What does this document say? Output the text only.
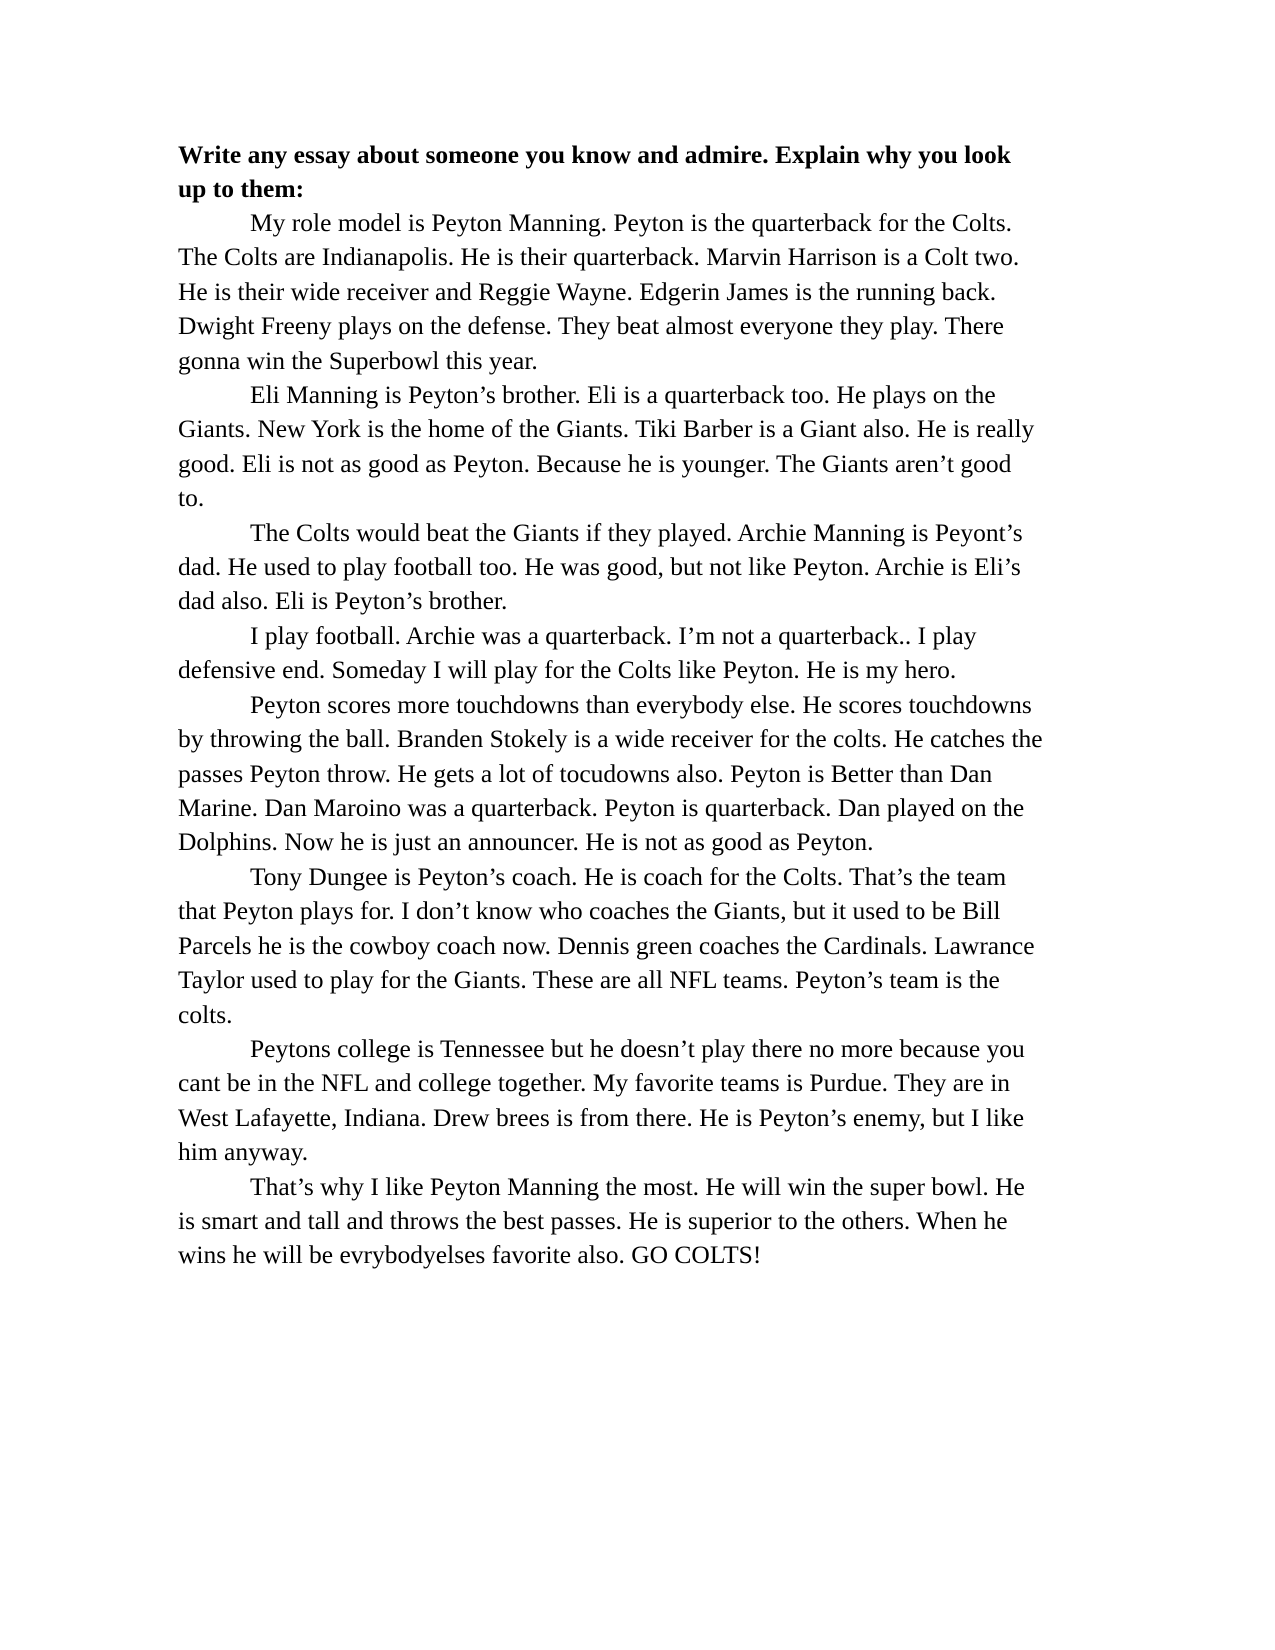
Write any essay about someone you know and admire. Explain why you look up to them:

My role model is Peyton Manning. Peyton is the quarterback for the Colts. The Colts are Indianapolis. He is their quarterback. Marvin Harrison is a Colt two. He is their wide receiver and Reggie Wayne. Edgerin James is the running back. Dwight Freeny plays on the defense. They beat almost everyone they play. There gonna win the Superbowl this year.

Eli Manning is Peyton’s brother. Eli is a quarterback too. He plays on the Giants. New York is the home of the Giants. Tiki Barber is a Giant also. He is really good. Eli is not as good as Peyton. Because he is younger. The Giants aren’t good to.

The Colts would beat the Giants if they played. Archie Manning is Peyont’s dad. He used to play football too. He was good, but not like Peyton. Archie is Eli’s dad also. Eli is Peyton’s brother.

I play football. Archie was a quarterback. I’m not a quarterback.. I play defensive end. Someday I will play for the Colts like Peyton. He is my hero.

Peyton scores more touchdowns than everybody else. He scores touchdowns by throwing the ball. Branden Stokely is a wide receiver for the colts. He catches the passes Peyton throw. He gets a lot of tocudowns also. Peyton is Better than Dan Marine. Dan Maroino was a quarterback. Peyton is quarterback. Dan played on the Dolphins. Now he is just an announcer. He is not as good as Peyton.

Tony Dungee is Peyton’s coach. He is coach for the Colts. That’s the team that Peyton plays for. I don’t know who coaches the Giants, but it used to be Bill Parcels he is the cowboy coach now. Dennis green coaches the Cardinals. Lawrance Taylor used to play for the Giants. These are all NFL teams. Peyton’s team is the colts.

Peytons college is Tennessee but he doesn’t play there no more because you cant be in the NFL and college together. My favorite teams is Purdue. They are in West Lafayette, Indiana. Drew brees is from there. He is Peyton’s enemy, but I like him anyway.

That’s why I like Peyton Manning the most. He will win the super bowl. He is smart and tall and throws the best passes. He is superior to the others. When he wins he will be evrybodyelses favorite also. GO COLTS!
